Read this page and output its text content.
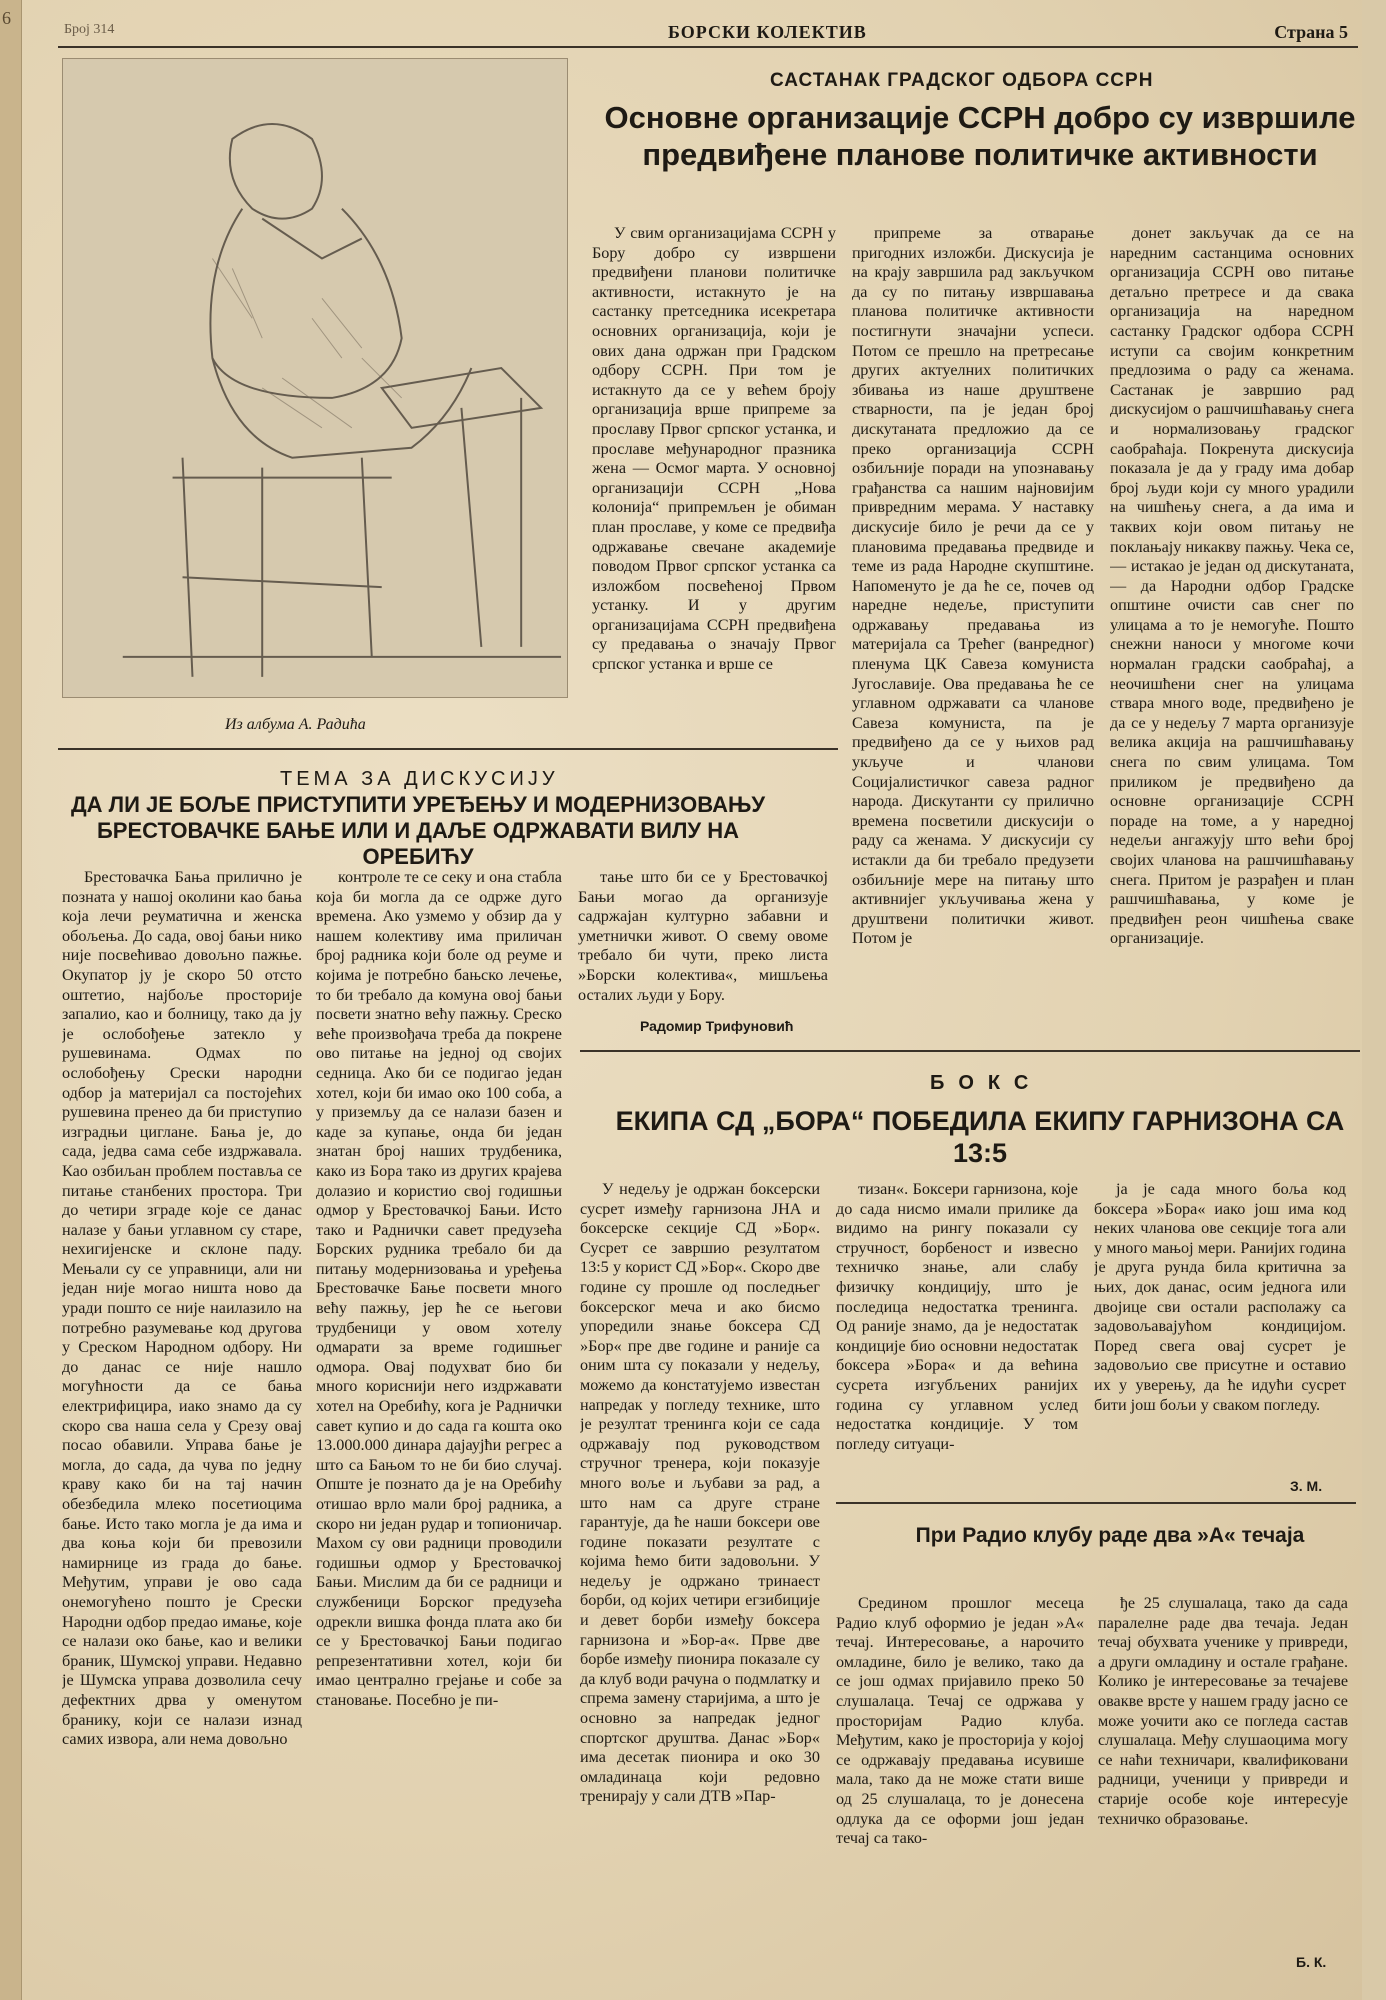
6
Број 314	БОРСКИ КОЛЕКТИВ	Страна 5
Из албума А. Радића
САСТАНАК ГРАДСКОГ ОДБОРА ССРН
Основне организације ССРН добро су извршиле предвиђене планове политичке активности

У свим организацијама ССРН у Бору добро су извршени предвиђени планови политичке активности, истакнуто је на састанку претседника исекретара основних организација, који је ових дана одржан при Градском одбору ССРН. При том је истакнуто да се у већем броју организација врше припреме за прославу Првог српског устанка, и прославе међународног празника жена — Осмог марта. У основној организацији ССРН „Нова колонија“ припремљен је обиман план прославе, у коме се предвиђа одржавање свечане академије поводом Првог српског устанка са изложбом посвећеној Првом устанку. И у другим организацијама ССРН предвиђена су предавања о значају Првог српског устанка и врше се

припреме за отварање пригодних изложби. Дискусија је на крају завршила рад закључком да су по питању извршавања планова политичке активности постигнути значајни успеси. Потом се прешло на претресање других актуелних политичких збивања из наше друштвене стварности, па је један број дискутаната предложио да се преко организација ССРН озбиљније поради на упознавању грађанства са нашим најновијим привредним мерама. У наставку дискусије било је речи да се у плановима предавања предвиде и теме из рада Народне скупштине. Напоменуто је да ће се, почев од наредне недеље, приступити одржавању предавања из материјала са Трећег (ванредног) пленума ЦК Савеза комуниста Југославије. Ова предавања ће се углавном одржавати са члановe Савеза комуниста, па је предвиђено да се у њихов рад укључе и чланови Социјалистичког савеза радног народа. Дискутанти су прилично времена посветили дискусији о раду са женама. У дискусији су истакли да би требало предузети озбиљније мере на питању што активнијег укључивања жена у друштвени политички живот. Потом је

донет закључак да се на наредним састанцима основних организација ССРН ово питање детаљно претресе и да свака организација на наредном састанку Градског одбора ССРН иступи са својим конкретним предлозима о раду са женама. Састанак је завршио рад дискусијом о рашчишћавању снега и нормализовању градског саобраћаја. Покренута дискусија показала је да у граду има добар број људи који су много урадили на чишћењу снега, а да има и таквих који овом питању не поклањају никакву пажњу. Чека се, — истакао је један од дискутаната, — да Народни одбор Градске општине очисти сав снег по улицама а то је немогуће. Пошто снежни наноси у многоме кочи нормалан градски саобраћај, а неочишћени снег на улицама ствара много воде, предвиђено је да се у недељу 7 марта организује велика акција на рашчишћавању снега по свим улицама. Том приликом је предвиђено да основне организације ССРН пораде на томе, а у наредној недељи ангажују што већи број својих чланова на рашчишћавању снега. Притом је разрађен и план рашчишћавања, у коме је предвиђен реон чишћења сваке организације.

ТЕМА ЗА ДИСКУСИЈУ
ДА ЛИ ЈЕ БОЉЕ ПРИСТУПИТИ УРЕЂЕЊУ И МОДЕРНИЗОВАЊУ БРЕСТОВАЧКЕ БАЊЕ ИЛИ И ДАЉЕ ОДРЖАВАТИ ВИЛУ НА ОРЕБИЋУ

Брестовачка Бања прилично је позната у нашој околини као бања која лечи реуматична и женска обољења. До сада, овој бањи нико није посвећивао довољно пажње. Окупатор ју је скоро 50 отсто оштетио, најбоље просторије запалио, као и болницу, тако да ју је ослобођење затекло у рушевинама. Одмах по ослобођењу Срески народни одбор ја материјал са постојећих рушевина пренео да би приступио изградњи циглане. Бања је, до сада, једва сама себе издржавала. Као озбиљан проблем поставља се питање станбених простора. Три до четири зграде које се данас налазе у бањи углавном су старе, нехигијенске и склоне паду. Мењали су се управници, али ни један није могао ништа ново да уради пошто се није наилазило на потребно разумевање код другова у Среском Народном одбору. Ни до данас се није нашло могућности да се бања електрифицира, иако знамо да су скоро сва наша села у Срезу овај посао обавили. Управа бање је могла, до сада, да чува по једну краву како би на тај начин обезбедила млеко посетиоцима бање. Исто тако могла је да има и два коња који би превозили намирнице из града до бање. Међутим, управи је ово сада онемогућено пошто је Срески Народни одбор предао имање, које се налази око бање, као и велики браник, Шумској управи. Недавно је Шумска управа дозволила сечу дефектних дрва у оменутом бранику, који се налази изнад самих извора, али нема довољно

контроле те се секу и она стабла која би могла да се одрже дуго времена. Ако узмемо у обзир да у нашем колективу има приличан број радника који боле од реуме и којима је потребно бањско лечење, то би требало да комуна овој бањи посвети знатно већу пажњу. Среско веће произвођача треба да покрене ово питање на једној од својих седница. Ако би се подигао један хотел, који би имао око 100 соба, а у приземљу да се налази базен и каде за купање, онда би један знатан број наших трудбеника, како из Бора тако из других крајева долазио и користио свој годишњи одмор у Брестовачкој Бањи. Исто тако и Раднички савет предузећа Борских рудника требало би да питању модернизовања и уређења Брестовачке Бање посвети много већу пажњу, јер ће се његови трудбеници у овом хотелу одмарати за време годишњег одмора. Овај подухват био би много кориснији него издржавати хотел на Оребићу, кога је Раднички савет купио и до сада га кошта око 13.000.000 динара дајаујћи регрес а што са Бањом то не би био случај. Опште је познато да је на Оребићу отишао врло мали број радника, а скоро ни један рудар и топионичар. Махом су ови радници проводили годишњи одмор у Брестовачкој Бањи. Мислим да би се радници и службеници Борског предузећа одрекли вишка фонда плата ако би се у Брестовачкој Бањи подигао репрезентативни хотел, који би имао централно грејање и собе за становање. Посебно је пи-

тање што би се у Брестовачкој Бањи могао да организује садржајан културно забавни и уметнички живот. О свему овоме требало би чути, преко листа »Борски колектива«, мишљења осталих људи у Бору.

Радомир Трифуновић
БОКС
ЕКИПА СД „БОРА“ ПОБЕДИЛА ЕКИПУ ГАРНИЗОНА СА 13:5

У недељу је одржан боксерски сусрет између гарнизона ЈНА и боксерске секције СД »Бор«. Сусрет се завршио резултатом 13:5 у корист СД »Бор«. Скоро две године су прошле од последњег боксерског меча и ако бисмо упоредили знање боксера СД »Бор« пре две године и раније са оним шта су показали у недељу, можемо да констатујемо известан напредак у погледу технике, што је резултат тренинга који се сада одржавају под руководством стручног тренера, који показује много воље и љубави за рад, а што нам са друге стране гарантује, да ће наши боксери ове године показати резултате с којима ћемо бити задовољни. У недељу је одржано тринаест борби, од којих четири егзибиције и девет борби између боксера гарнизона и »Бор-а«. Прве две борбе између пионира показале су да клуб води рачуна о подмлатку и спрема замену старијима, а што је основно за напредак једног спортског друштва. Данас »Бор« има десетак пионира и око 30 омладинаца који редовно тренирају у сали ДТВ »Пар-

тизан«. Боксери гарнизона, које до сада нисмо имали прилике да видимо на рингу показали су стручност, борбеност и извесно техничко знање, али слабу физичку кондицију, што је последица недостатка тренинга. Од раније знамо, да је недостатак кондиције био основни недостатак боксера »Бора« и да већина сусрета изгубљених ранијих година су углавном услед недостатка кондиције. У том погледу ситуаци-

ја је сада много боља код боксера »Бора« иако још има код неких чланова ове секције тога али у много мањој мери. Ранијих година је друга рунда била критична за њих, док данас, осим једнога или двојице сви остали располажу са задовољавајућом кондицијом. Поред свега овај сусрет је задовољио све присутне и оставио их у уверењу, да ће идући сусрет бити још бољи у сваком погледу.

З. М.
При Радио клубу раде два »А« течаја

Средином прошлог месеца Радио клуб оформио је један »А« течај. Интересовање, а нарочито омладине, било је велико, тако да се још одмах пријавило преко 50 слушалаца. Течај се одржава у просторијам Радио клуба. Међутим, како је просторија у којој се одржавају предавања исувише мала, тако да не може стати више од 25 слушалаца, то је донесена одлука да се оформи још један течај са тако-

ђе 25 слушалаца, тако да сада паралелне раде два течаја. Један течај обухвата ученике у привреди, а други омладину и остале грађане. Колико је интересовање за течајеве овакве врсте у нашем граду јасно се може уочити ако се погледа састав слушалаца. Међу слушаоцима могу се наћи техничари, квалификовани радници, ученици у привреди и старије особе које интересује техничко образовање.

Б. К.
